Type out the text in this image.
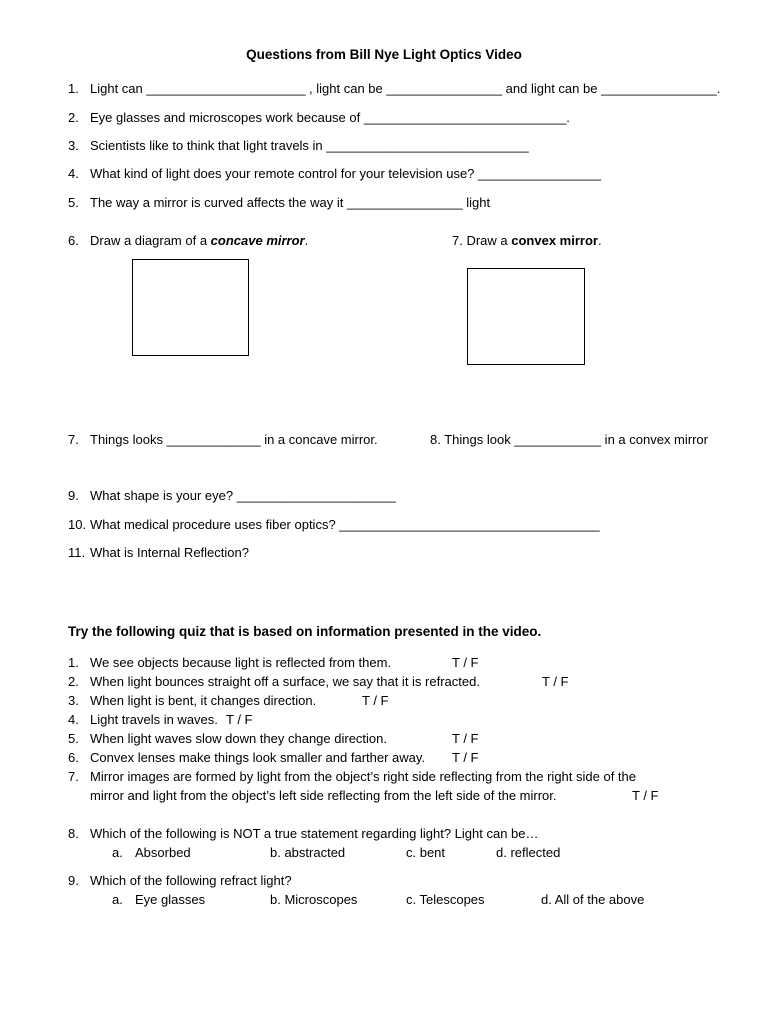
Questions from Bill Nye Light Optics Video
1. Light can ______________________ , light can be ________________ and light can be ________________.
2. Eye glasses and microscopes work because of ____________________________.
3. Scientists like to think that light travels in ____________________________
4. What kind of light does your remote control for your television use? _________________
5. The way a mirror is curved affects the way it ________________ light
6. Draw a diagram of a concave mirror.	7. Draw a convex mirror.
7. Things looks _____________ in a concave mirror.	8. Things look ____________ in a convex mirror
9. What shape is your eye? ______________________
10. What medical procedure uses fiber optics? ____________________________________
11. What is Internal Reflection?
Try the following quiz that is based on information presented in the video.
1. We see objects because light is reflected from them.	T / F
2. When light bounces straight off a surface, we say that it is refracted.	T / F
3. When light is bent, it changes direction.	T / F
4. Light travels in waves. T / F
5. When light waves slow down they change direction.	T / F
6. Convex lenses make things look smaller and farther away. T / F
7. Mirror images are formed by light from the object’s right side reflecting from the right side of the
mirror and light from the object’s left side reflecting from the left side of the mirror.	T / F
8. Which of the following is NOT a true statement regarding light? Light can be…
a. Absorbed	b. abstracted	c. bent	d. reflected
9. Which of the following refract light?
a. Eye glasses	b. Microscopes	c. Telescopes	d. All of the above
